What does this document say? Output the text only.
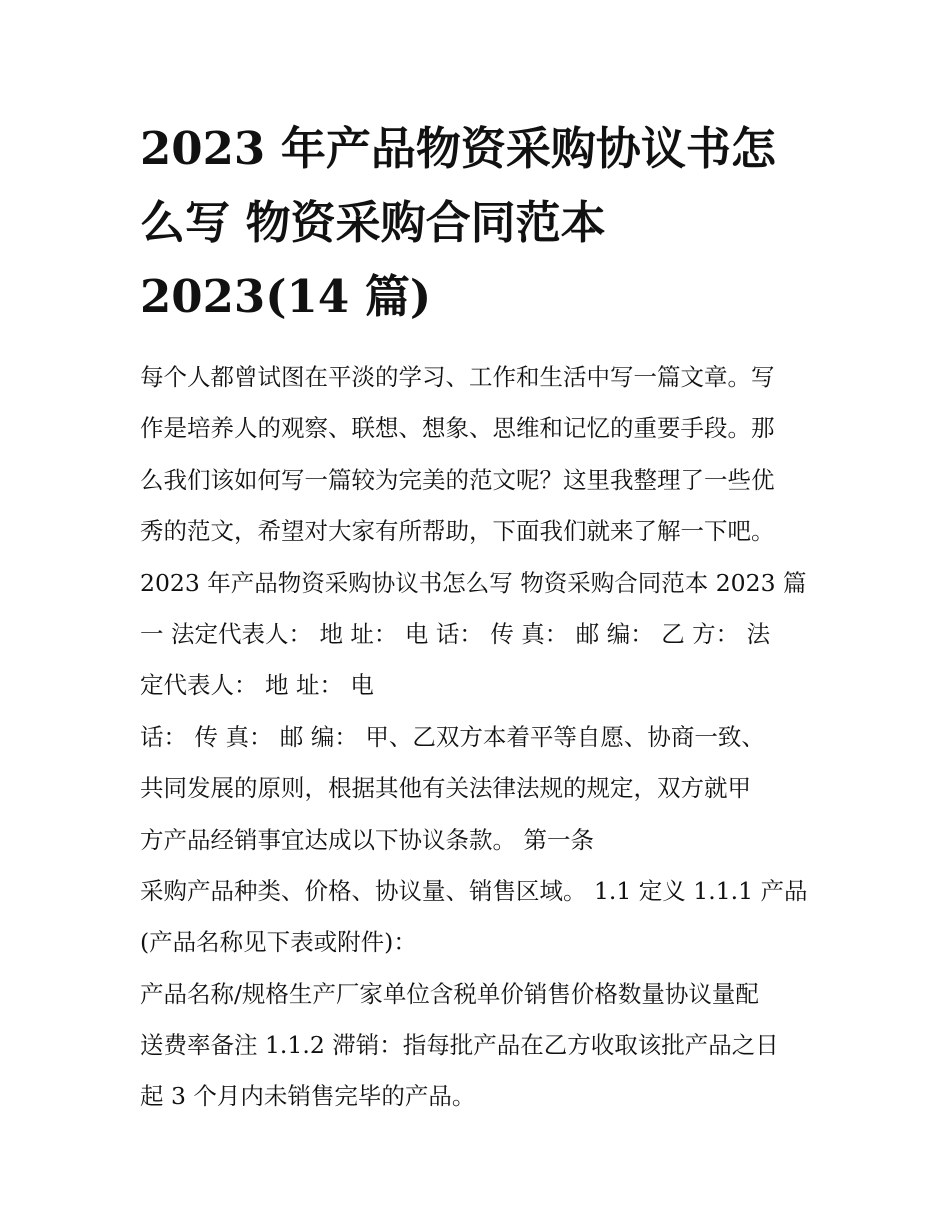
2023 年产品物资采购协议书怎
么写 物资采购合同范本
2023(14 篇)
每个人都曾试图在平淡的学习、工作和生活中写一篇文章。写
作是培养人的观察、联想、想象、思维和记忆的重要手段。那
么我们该如何写一篇较为完美的范文呢？这里我整理了一些优
秀的范文，希望对大家有所帮助，下面我们就来了解一下吧。
2023 年产品物资采购协议书怎么写 物资采购合同范本 2023 篇
一 法定代表人： 地 址： 电 话： 传 真： 邮 编： 乙 方： 法
定代表人： 地 址： 电
话： 传 真： 邮 编： 甲、乙双方本着平等自愿、协商一致、
共同发展的原则，根据其他有关法律法规的规定，双方就甲
方产品经销事宜达成以下协议条款。 第一条
采购产品种类、价格、协议量、销售区域。 1.1 定义 1.1.1 产品
(产品名称见下表或附件)：
产品名称/规格生产厂家单位含税单价销售价格数量协议量配
送费率备注 1.1.2 滞销：指每批产品在乙方收取该批产品之日
起 3 个月内未销售完毕的产品。
